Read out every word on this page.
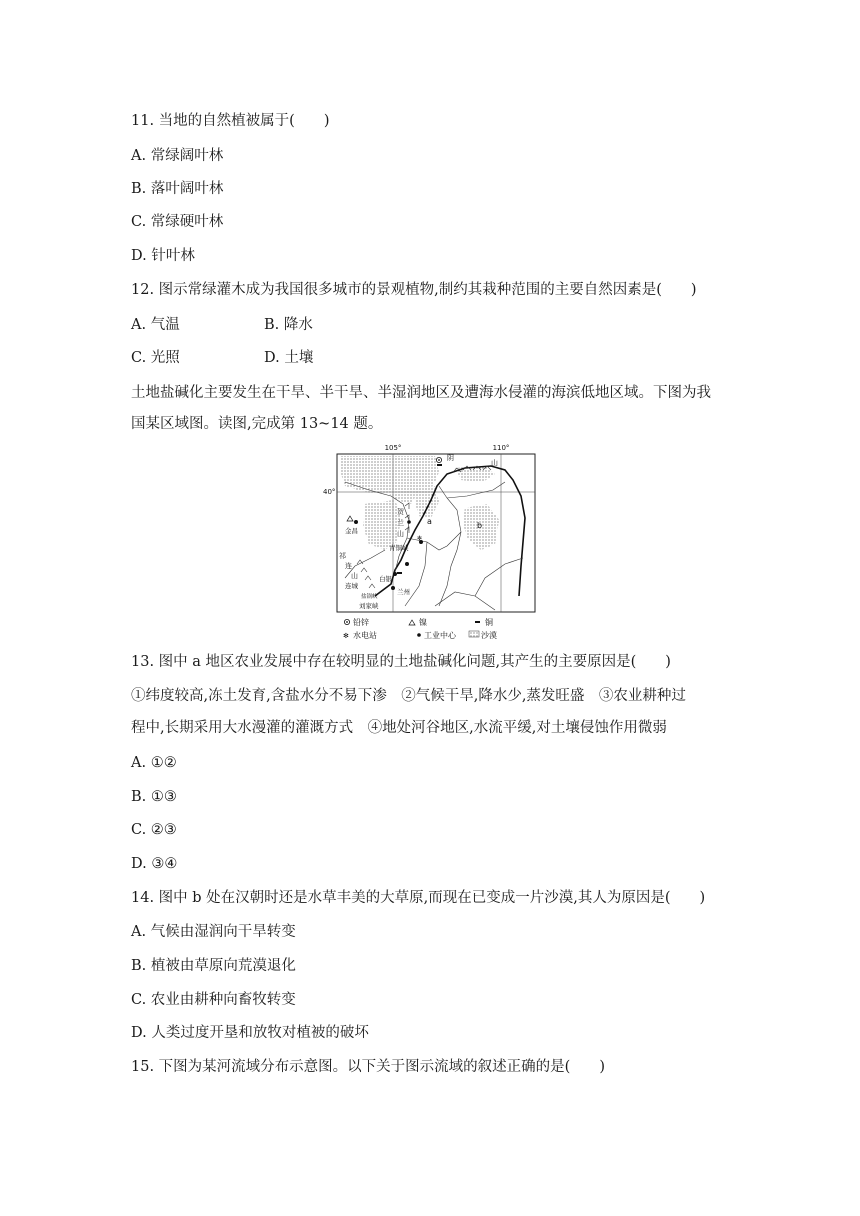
11. 当地的自然植被属于(　　)
A. 常绿阔叶林
B. 落叶阔叶林
C. 常绿硬叶林
D. 针叶林
12. 图示常绿灌木成为我国很多城市的景观植物,制约其栽种范围的主要自然因素是(　　)
A. 气温	B. 降水
C. 光照	D. 土壤
土地盐碱化主要发生在干旱、半干旱、半湿润地区及遭海水侵灌的海滨低地区域。下图为我
国某区域图。读图,完成第 13~14 题。
✻
105°	110°
40°
阴
山
贺
兰
山
a	b
金昌
青铜峡
祁
连
山
连城
白银
兰州
盐锅峡
刘家峡
铅锌	镍	铜
✻ 水电站	工业中心	沙漠
13. 图中 a 地区农业发展中存在较明显的土地盐碱化问题,其产生的主要原因是(　　)
①纬度较高,冻土发育,含盐水分不易下渗　②气候干旱,降水少,蒸发旺盛　③农业耕种过
程中,长期采用大水漫灌的灌溉方式　④地处河谷地区,水流平缓,对土壤侵蚀作用微弱
A. ①②
B. ①③
C. ②③
D. ③④
14. 图中 b 处在汉朝时还是水草丰美的大草原,而现在已变成一片沙漠,其人为原因是(　　)
A. 气候由湿润向干旱转变
B. 植被由草原向荒漠退化
C. 农业由耕种向畜牧转变
D. 人类过度开垦和放牧对植被的破坏
15. 下图为某河流域分布示意图。以下关于图示流域的叙述正确的是(　　)
